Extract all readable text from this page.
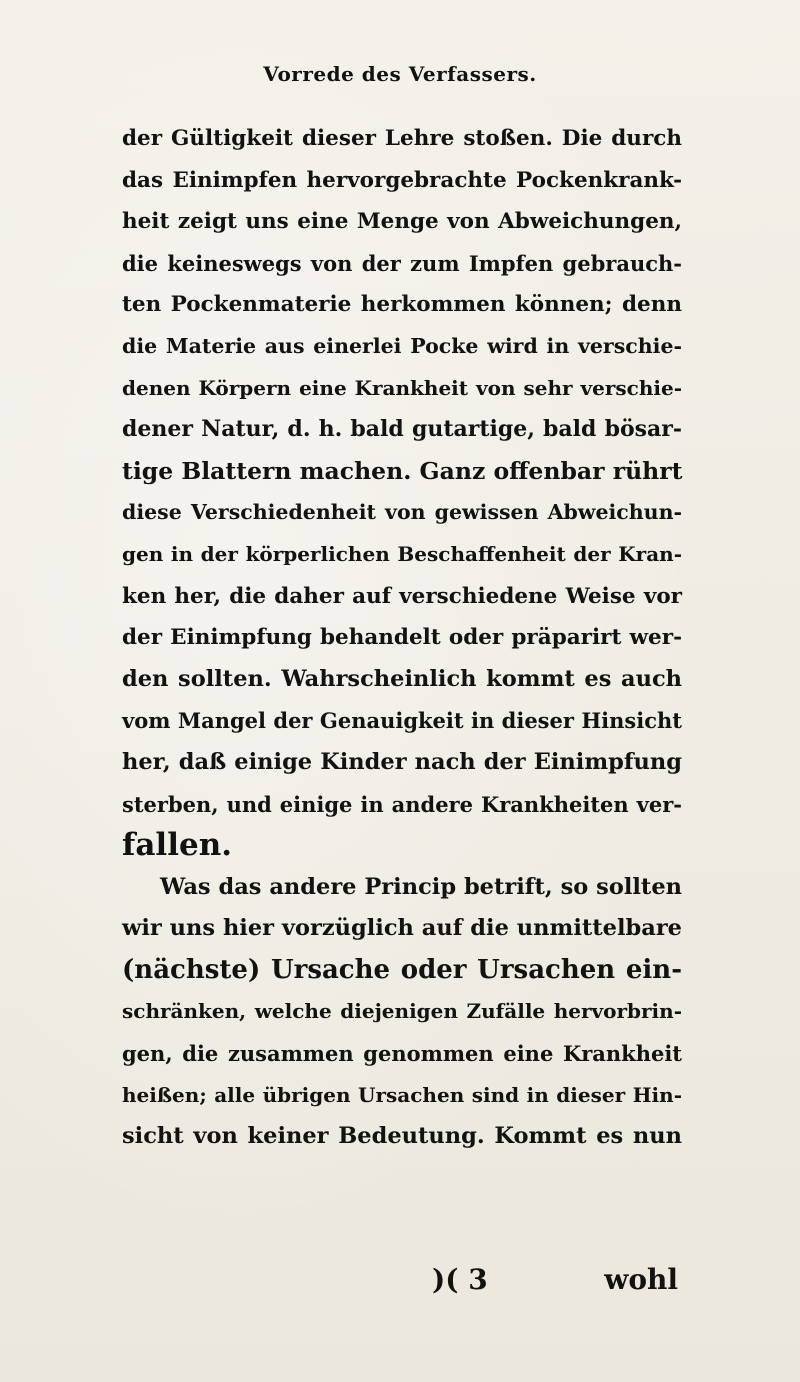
Vorrede des Verfassers.
der Gültigkeit dieser Lehre stoßen. Die durch
das Einimpfen hervorgebrachte Pockenkrank-
heit zeigt uns eine Menge von Abweichungen,
die keineswegs von der zum Impfen gebrauch-
ten Pockenmaterie herkommen können; denn
die Materie aus einerlei Pocke wird in verschie-
denen Körpern eine Krankheit von sehr verschie-
dener Natur, d. h. bald gutartige, bald bösar-
tige Blattern machen. Ganz offenbar rührt
diese Verschiedenheit von gewissen Abweichun-
gen in der körperlichen Beschaffenheit der Kran-
ken her, die daher auf verschiedene Weise vor
der Einimpfung behandelt oder präparirt wer-
den sollten. Wahrscheinlich kommt es auch
vom Mangel der Genauigkeit in dieser Hinsicht
her, daß einige Kinder nach der Einimpfung
sterben, und einige in andere Krankheiten ver-
fallen.
Was das andere Princip betrift, so sollten
wir uns hier vorzüglich auf die unmittelbare
(nächste) Ursache oder Ursachen ein-
schränken, welche diejenigen Zufälle hervorbrin-
gen, die zusammen genommen eine Krankheit
heißen; alle übrigen Ursachen sind in dieser Hin-
sicht von keiner Bedeutung. Kommt es nun
)( 3	wohl
